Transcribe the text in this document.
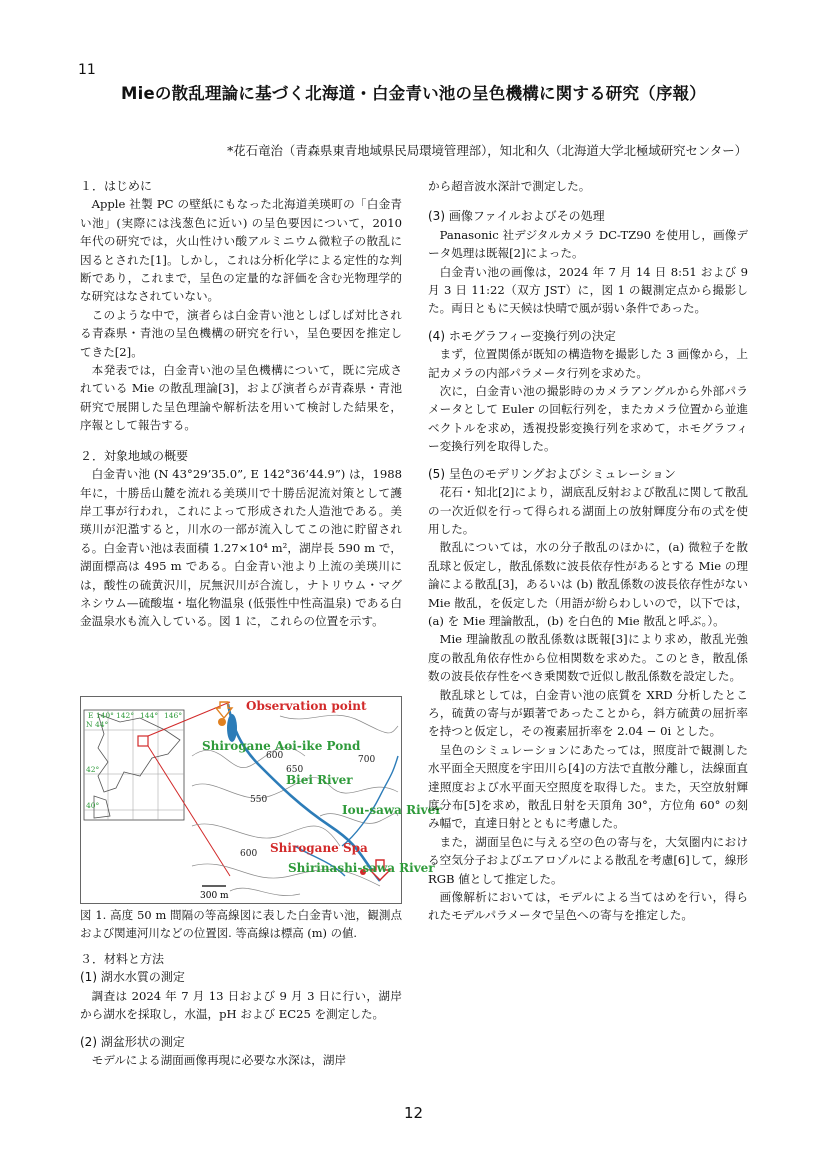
11
Mieの散乱理論に基づく北海道・白金青い池の呈色機構に関する研究（序報）
*花石竜治（青森県東青地域県民局環境管理部），知北和久（北海道大学北極域研究センター）
１．はじめに

Apple 社製 PC の壁紙にもなった北海道美瑛町の「白金青い池」(実際には浅葱色に近い) の呈色要因について，2010 年代の研究では，火山性けい酸アルミニウム微粒子の散乱に因るとされた[1]。しかし，これは分析化学による定性的な判断であり，これまで，呈色の定量的な評価を含む光物理学的な研究はなされていない。

このような中で，演者らは白金青い池としばしば対比される青森県・青池の呈色機構の研究を行い，呈色要因を推定してきた[2]。

本発表では，白金青い池の呈色機構について，既に完成されている Mie の散乱理論[3]，および演者らが青森県・青池研究で展開した呈色理論や解析法を用いて検討した結果を，序報として報告する。

２．対象地域の概要

白金青い池 (N 43°29’35.0”, E 142°36’44.9”) は，1988 年に，十勝岳山麓を流れる美瑛川で十勝岳泥流対策として護岸工事が行われ，これによって形成された人造池である。美瑛川が氾濫すると，川水の一部が流入してこの池に貯留される。白金青い池は表面積 1.27×10⁴ m²，湖岸長 590 m で，湖面標高は 495 m である。白金青い池より上流の美瑛川には，酸性の硫黄沢川，尻無沢川が合流し，ナトリウム・マグネシウム—硫酸塩・塩化物温泉 (低張性中性高温泉) である白金温泉水も流入している。図 1 に，これらの位置を示す。

E 140° 142° 144° 146°
N 44°
42°
40°
Observation point
Shirogane Aoi-ike Pond
Biei River
Iou-sawa River
Shirogane Spa
Shirinashi-sawa River
600
650
700
550
600
300 m
図 1. 高度 50 m 間隔の等高線図に表した白金青い池，観測点および関連河川などの位置図. 等高線は標高 (m) の値.
３．材料と方法
(1) 湖水水質の測定

調査は 2024 年 7 月 13 日および 9 月 3 日に行い，湖岸から湖水を採取し，水温，pH および EC25 を測定した。

(2) 湖盆形状の測定

モデルによる湖面画像再現に必要な水深は，湖岸

から超音波水深計で測定した。

(3) 画像ファイルおよびその処理

Panasonic 社デジタルカメラ DC-TZ90 を使用し，画像データ処理は既報[2]によった。

白金青い池の画像は，2024 年 7 月 14 日 8:51 および 9 月 3 日 11:22（双方 JST）に，図 1 の観測定点から撮影した。両日ともに天候は快晴で風が弱い条件であった。

(4) ホモグラフィー変換行列の決定

まず，位置関係が既知の構造物を撮影した 3 画像から，上記カメラの内部パラメータ行列を求めた。

次に，白金青い池の撮影時のカメラアングルから外部パラメータとして Euler の回転行列を，またカメラ位置から並進ベクトルを求め，透視投影変換行列を求めて，ホモグラフィー変換行列を取得した。

(5) 呈色のモデリングおよびシミュレーション

花石・知北[2]により，湖底乱反射および散乱に関して散乱の一次近似を行って得られる湖面上の放射輝度分布の式を使用した。

散乱については，水の分子散乱のほかに，(a) 微粒子を散乱球と仮定し，散乱係数に波長依存性があるとする Mie の理論による散乱[3]，あるいは (b) 散乱係数の波長依存性がない Mie 散乱，を仮定した（用語が紛らわしいので，以下では，(a) を Mie 理論散乱，(b) を白色的 Mie 散乱と呼ぶ。）。

Mie 理論散乱の散乱係数は既報[3]により求め，散乱光強度の散乱角依存性から位相関数を求めた。このとき，散乱係数の波長依存性をべき乗関数で近似し散乱係数を設定した。

散乱球としては，白金青い池の底質を XRD 分析したところ，硫黄の寄与が顕著であったことから，斜方硫黄の屈折率を持つと仮定し，その複素屈折率を 2.04 − 0i とした。

呈色のシミュレーションにあたっては，照度計で観測した水平面全天照度を宇田川ら[4]の方法で直散分離し，法線面直達照度および水平面天空照度を取得した。また，天空放射輝度分布[5]を求め，散乱日射を天頂角 30°，方位角 60° の刻み幅で，直達日射とともに考慮した。

また，湖面呈色に与える空の色の寄与を，大気圏内における空気分子およびエアロゾルによる散乱を考慮[6]して，線形 RGB 値として推定した。

画像解析においては，モデルによる当てはめを行い，得られたモデルパラメータで呈色への寄与を推定した。

12
